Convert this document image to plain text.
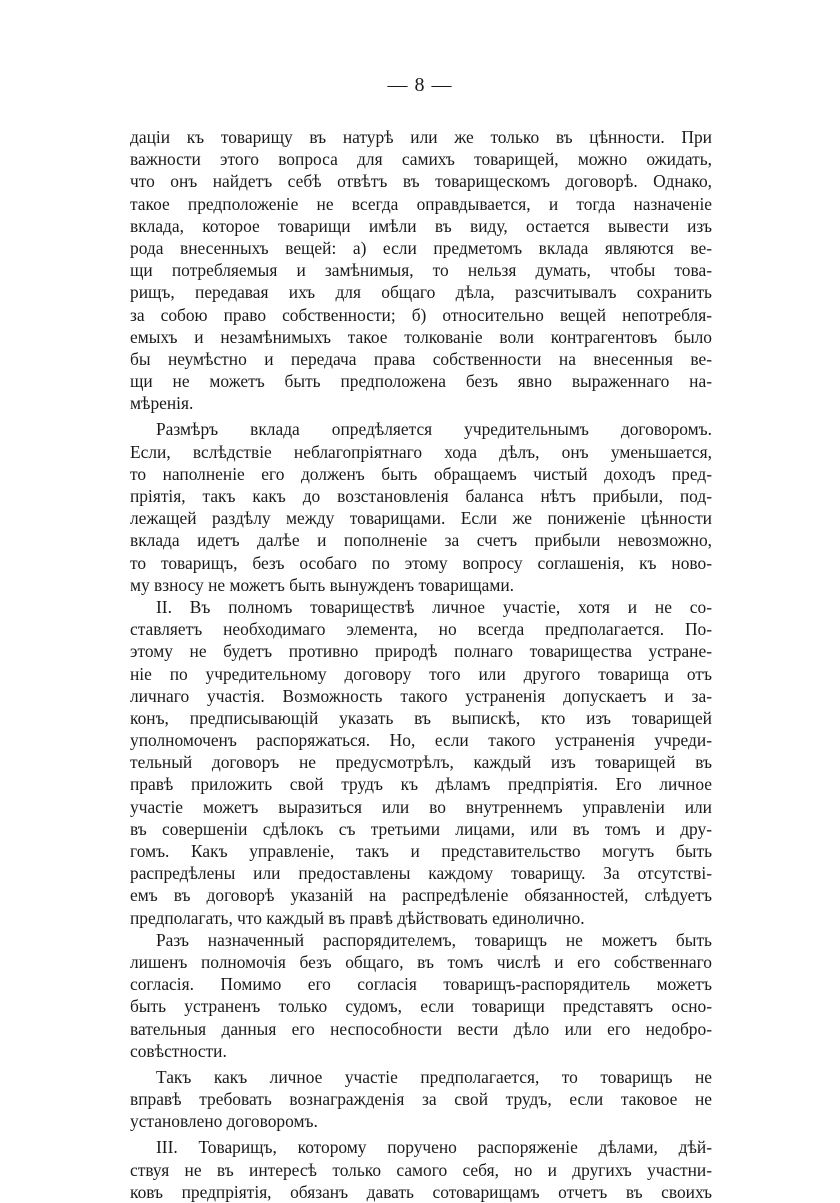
— 8 —
дацiи къ товарищу въ натурѣ или же только въ цѣнности. При
важности этого вопроса для самихъ товарищей, можно ожидать,
что онъ найдетъ себѣ отвѣтъ въ товарищескомъ договорѣ. Однако,
такое предположенiе не всегда оправдывается, и тогда назначенiе
вклада, которое товарищи имѣли въ виду, остается вывести изъ
рода внесенныхъ вещей: а) если предметомъ вклада являются ве-
щи потребляемыя и замѣнимыя, то нельзя думать, чтобы това-
рищъ, передавая ихъ для общаго дѣла, разсчитывалъ сохранить
за собою право собственности; б) относительно вещей непотребля-
емыхъ и незамѣнимыхъ такое толкованiе воли контрагентовъ было
бы неумѣстно и передача права собственности на внесенныя ве-
щи не можетъ быть предположена безъ явно выраженнаго на-
мѣренiя.
Размѣръ вклада опредѣляется учредительнымъ договоромъ.
Если, вслѣдствiе неблагопрiятнаго хода дѣлъ, онъ уменьшается,
то наполненiе его долженъ быть обращаемъ чистый доходъ пред-
прiятiя, такъ какъ до возстановленiя баланса нѣтъ прибыли, под-
лежащей раздѣлу между товарищами. Если же пониженiе цѣнности
вклада идетъ далѣе и пополненiе за счетъ прибыли невозможно,
то товарищъ, безъ особаго по этому вопросу соглашенiя, къ ново-
му взносу не можетъ быть вынужденъ товарищами.
II. Въ полномъ товариществѣ личное участiе, хотя и не со-
ставляетъ необходимаго элемента, но всегда предполагается. По-
этому не будетъ противно природѣ полнаго товарищества устране-
нiе по учредительному договору того или другого товарища отъ
личнаго участiя. Возможность такого устраненiя допускаетъ и за-
конъ, предписывающiй указать въ выпискѣ, кто изъ товарищей
уполномоченъ распоряжаться. Но, если такого устраненiя учреди-
тельный договоръ не предусмотрѣлъ, каждый изъ товарищей въ
правѣ приложить свой трудъ къ дѣламъ предпрiятiя. Его личное
участiе можетъ выразиться или во внутреннемъ управленiи или
въ совершенiи сдѣлокъ съ третьими лицами, или въ томъ и дру-
гомъ. Какъ управленiе, такъ и представительство могутъ быть
распредѣлены или предоставлены каждому товарищу. За отсутствi-
емъ въ договорѣ указанiй на распредѣленiе обязанностей, слѣдуетъ
предполагать, что каждый въ правѣ дѣйствовать единолично.
Разъ назначенный распорядителемъ, товарищъ не можетъ быть
лишенъ полномочiя безъ общаго, въ томъ числѣ и его собственнаго
согласiя. Помимо его согласiя товарищъ-распорядитель можетъ
быть устраненъ только судомъ, если товарищи представятъ осно-
вательныя данныя его неспособности вести дѣло или его недобро-
совѣстности.
Такъ какъ личное участiе предполагается, то товарищъ не
вправѣ требовать вознагражденiя за свой трудъ, если таковое не
установлено договоромъ.
III. Товарищъ, которому поручено распоряженiе дѣлами, дѣй-
ствуя не въ интересѣ только самого себя, но и другихъ участни-
ковъ предпрiятiя, обязанъ давать сотоварищамъ отчетъ въ своихъ
